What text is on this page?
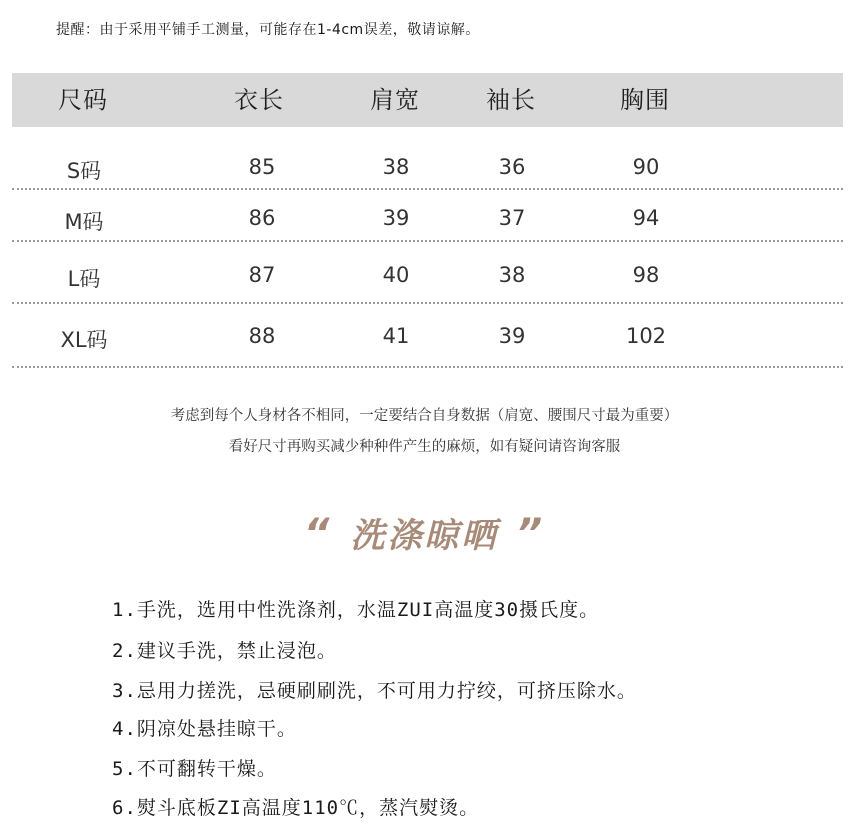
提醒：由于采用平铺手工测量，可能存在1-4cm误差，敬请谅解。
尺码	衣长	肩宽	袖长	胸围
S码	85	38	36	90
M码	86	39	37	94
L码	87	40	38	98
XL码	88	41	39	102
考虑到每个人身材各不相同，一定要结合自身数据（肩宽、腰围尺寸最为重要）
看好尺寸再购买减少种种件产生的麻烦，如有疑问请咨询客服
“ 洗涤晾晒 ”
1.手洗，选用中性洗涤剂，水温ZUI高温度30摄氏度。
2.建议手洗，禁止浸泡。
3.忌用力搓洗，忌硬刷刷洗，不可用力拧绞，可挤压除水。
4.阴凉处悬挂晾干。
5.不可翻转干燥。
6.熨斗底板ZI高温度110℃，蒸汽熨烫。
